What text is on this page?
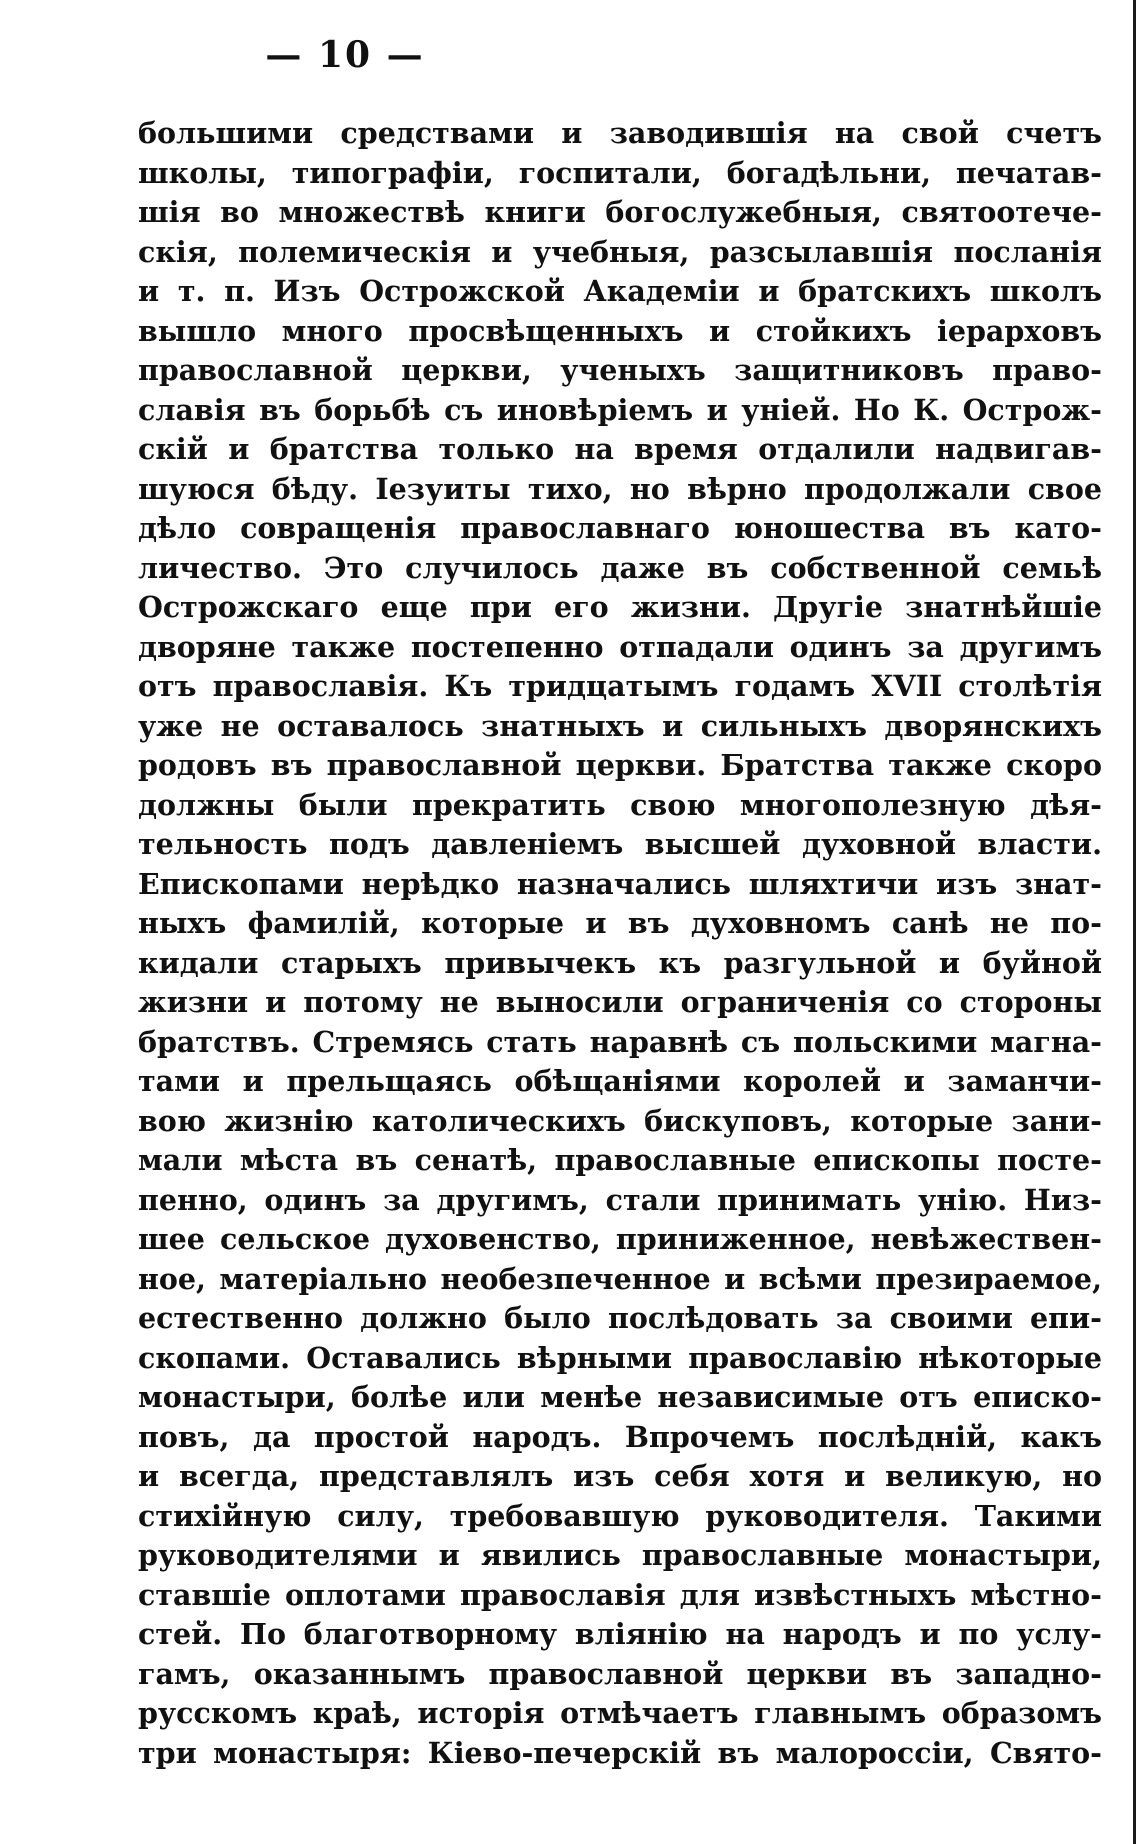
— 10 —
большими средствами и заводившія на свой счетъ
школы, типографіи, госпитали, богадѣльни, печатав-
шія во множествѣ книги богослужебныя, святоотече-
скія, полемическія и учебныя, разсылавшія посланія
и т. п. Изъ Острожской Академіи и братскихъ школъ
вышло много просвѣщенныхъ и стойкихъ іерарховъ
православной церкви, ученыхъ защитниковъ право-
славія въ борьбѣ съ иновѣріемъ и уніей. Но К. Острож-
скій и братства только на время отдалили надвигав-
шуюся бѣду. Іезуиты тихо, но вѣрно продолжали свое
дѣло совращенія православнаго юношества въ като-
личество. Это случилось даже въ собственной семьѣ
Острожскаго еще при его жизни. Другіе знатнѣйшіе
дворяне также постепенно отпадали одинъ за другимъ
отъ православія. Къ тридцатымъ годамъ XVII столѣтія
уже не оставалось знатныхъ и сильныхъ дворянскихъ
родовъ въ православной церкви. Братства также скоро
должны были прекратить свою многополезную дѣя-
тельность подъ давленіемъ высшей духовной власти.
Епископами нерѣдко назначались шляхтичи изъ знат-
ныхъ фамилій, которые и въ духовномъ санѣ не по-
кидали старыхъ привычекъ къ разгульной и буйной
жизни и потому не выносили ограниченія со стороны
братствъ. Стремясь стать наравнѣ съ польскими магна-
тами и прельщаясь обѣщаніями королей и заманчи-
вою жизнію католическихъ бискуповъ, которые зани-
мали мѣста въ сенатѣ, православные епископы посте-
пенно, одинъ за другимъ, стали принимать унію. Низ-
шее сельское духовенство, приниженное, невѣжествен-
ное, матеріально необезпеченное и всѣми презираемое,
естественно должно было послѣдовать за своими епи-
скопами. Оставались вѣрными православію нѣкоторые
монастыри, болѣе или менѣе независимые отъ еписко-
повъ, да простой народъ. Впрочемъ послѣдній, какъ
и всегда, представлялъ изъ себя хотя и великую, но
стихійную силу, требовавшую руководителя. Такими
руководителями и явились православные монастыри,
ставшіе оплотами православія для извѣстныхъ мѣстно-
стей. По благотворному вліянію на народъ и по услу-
гамъ, оказаннымъ православной церкви въ западно-
русскомъ краѣ, исторія отмѣчаетъ главнымъ образомъ
три монастыря: Кіево-печерскій въ малороссіи, Свято-
